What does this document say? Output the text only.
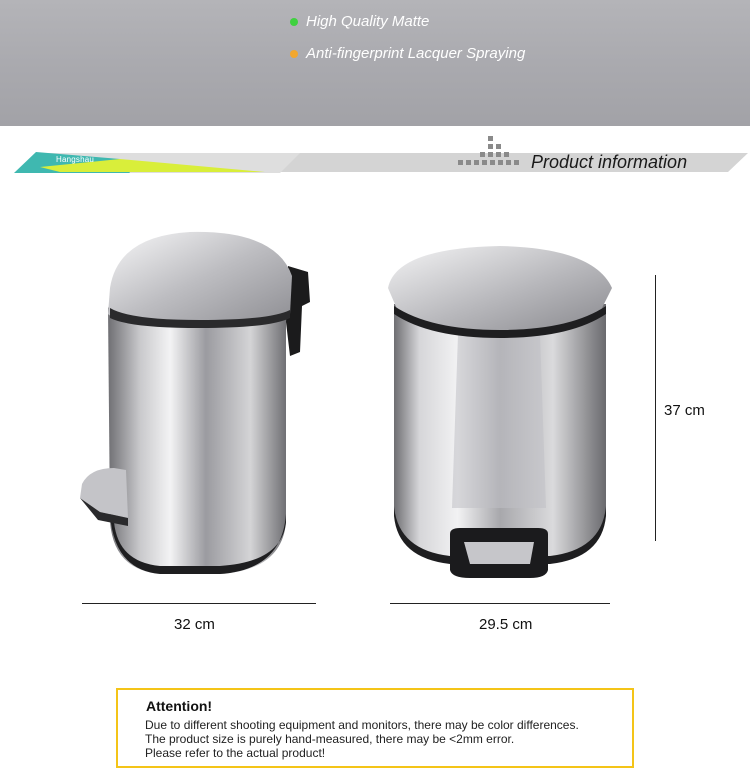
High Quality Matte
Anti-fingerprint Lacquer Spraying
Hangshau	Product information
32 cm	29.5 cm
37 cm
Attention!
Due to different shooting equipment and monitors, there may be color differences.
The product size is purely hand-measured, there may be <2mm error.
Please refer to the actual product!
